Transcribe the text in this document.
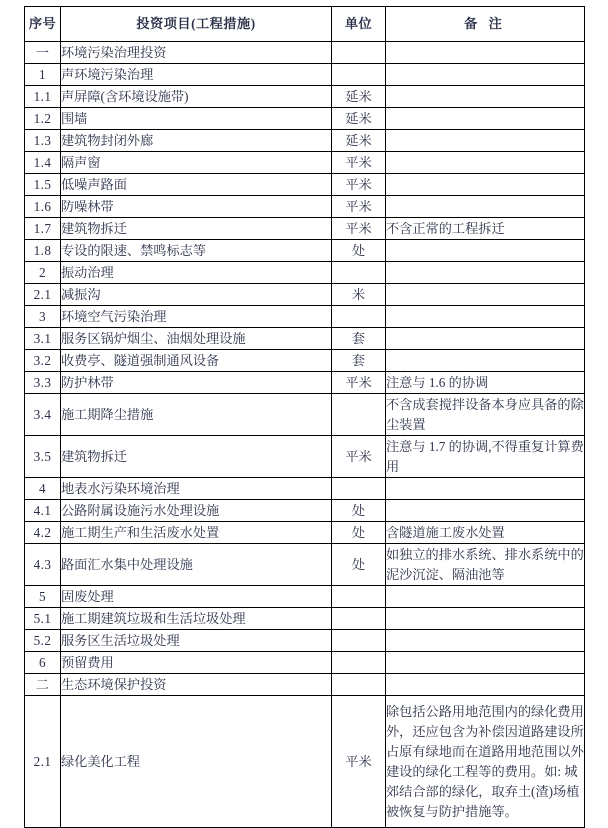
序号	投资项目(工程措施)	单位	备 注
一	环境污染治理投资		
1	声环境污染治理		
1.1	声屏障(含环境设施带)	延米	
1.2	围墙	延米	
1.3	建筑物封闭外廊	延米	
1.4	隔声窗	平米	
1.5	低噪声路面	平米	
1.6	防噪林带	平米	
1.7	建筑物拆迁	平米	不含正常的工程拆迁
1.8	专设的限速、禁鸣标志等	处	
2	振动治理		
2.1	减振沟	米	
3	环境空气污染治理		
3.1	服务区锅炉烟尘、油烟处理设施	套	
3.2	收费亭、隧道强制通风设备	套	
3.3	防护林带	平米	注意与 1.6 的协调
3.4	施工期降尘措施		不含成套搅拌设备本身应具备的除尘装置
3.5	建筑物拆迁	平米	注意与 1.7 的协调,不得重复计算费用
4	地表水污染环境治理		
4.1	公路附属设施污水处理设施	处	
4.2	施工期生产和生活废水处置	处	含隧道施工废水处置
4.3	路面汇水集中处理设施	处	如独立的排水系统、排水系统中的泥沙沉淀、隔油池等
5	固废处理		
5.1	施工期建筑垃圾和生活垃圾处理		
5.2	服务区生活垃圾处理		
6	预留费用		
二	生态环境保护投资		
2.1	绿化美化工程	平米	除包括公路用地范围内的绿化费用外，还应包含为补偿因道路建设所占原有绿地而在道路用地范围以外建设的绿化工程等的费用。如: 城郊结合部的绿化，取弃土(渣)场植被恢复与防护措施等。
